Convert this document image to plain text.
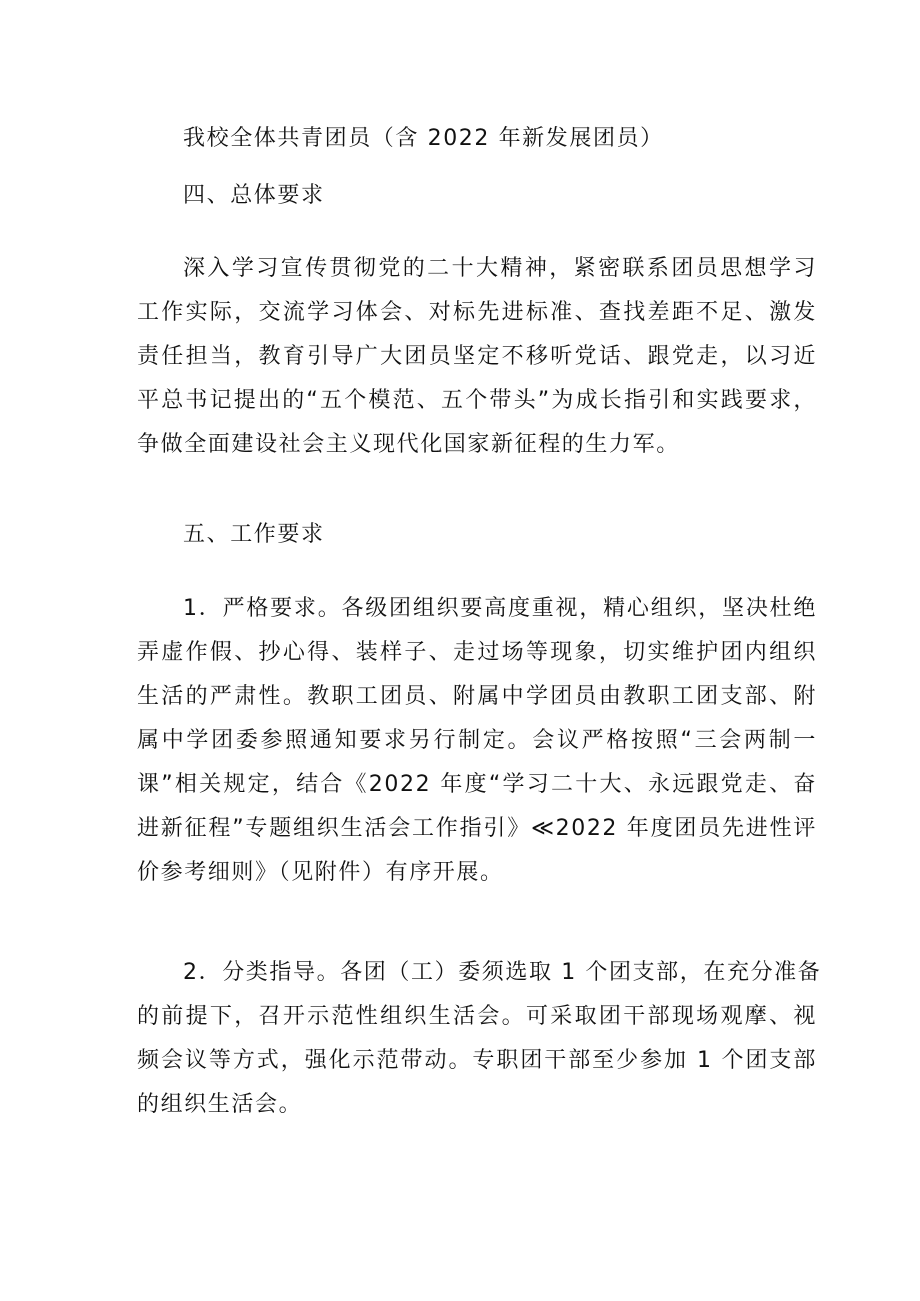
我校全体共青团员（含 2022 年新发展团员）
四、总体要求
深入学习宣传贯彻党的二十大精神，紧密联系团员思想学习
工作实际，交流学习体会、对标先进标准、查找差距不足、激发
责任担当，教育引导广大团员坚定不移听党话、跟党走，以习近
平总书记提出的“五个模范、五个带头”为成长指引和实践要求，
争做全面建设社会主义现代化国家新征程的生力军。
五、工作要求
1．严格要求。各级团组织要高度重视，精心组织，坚决杜绝
弄虚作假、抄心得、装样子、走过场等现象，切实维护团内组织
生活的严肃性。教职工团员、附属中学团员由教职工团支部、附
属中学团委参照通知要求另行制定。会议严格按照“三会两制一
课”相关规定，结合《2022 年度“学习二十大、永远跟党走、奋
进新征程”专题组织生活会工作指引》≪2022 年度团员先进性评
价参考细则》（见附件）有序开展。
2．分类指导。各团（工）委须选取 1 个团支部，在充分准备
的前提下，召开示范性组织生活会。可采取团干部现场观摩、视
频会议等方式，强化示范带动。专职团干部至少参加 1 个团支部
的组织生活会。
